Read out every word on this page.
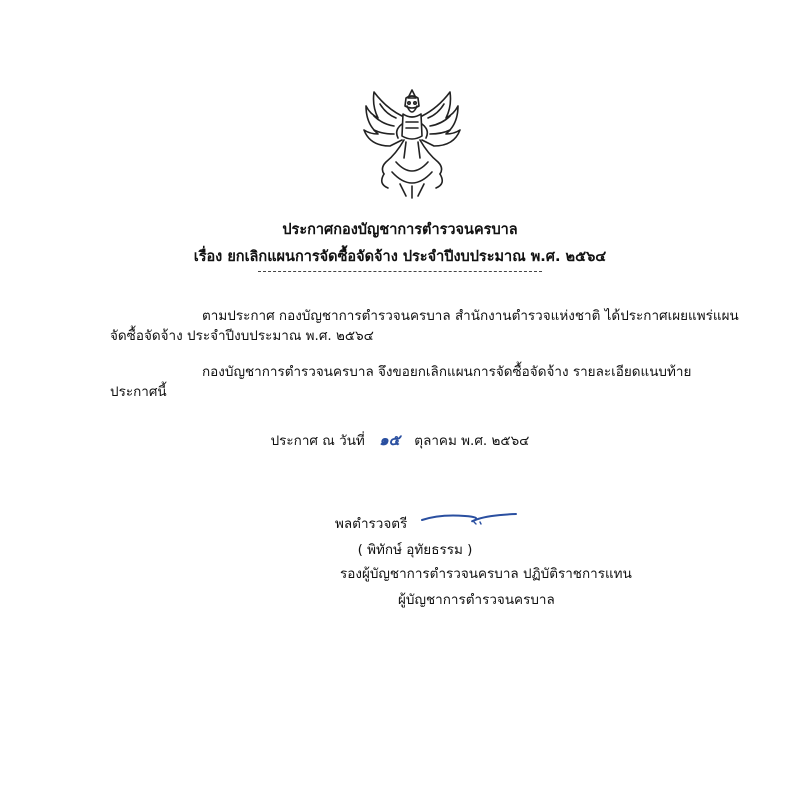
ประกาศกองบัญชาการตำรวจนครบาล
เรื่อง ยกเลิกแผนการจัดซื้อจัดจ้าง ประจำปีงบประมาณ พ.ศ. ๒๕๖๔
ตามประกาศ กองบัญชาการตำรวจนครบาล สำนักงานตำรวจแห่งชาติ ได้ประกาศเผยแพร่แผน
จัดซื้อจัดจ้าง ประจำปีงบประมาณ พ.ศ. ๒๕๖๔
กองบัญชาการตำรวจนครบาล จึงขอยกเลิกแผนการจัดซื้อจัดจ้าง รายละเอียดแนบท้าย
ประกาศนี้
ประกาศ ณ วันที่ ๑๕ ตุลาคม พ.ศ. ๒๕๖๔
พลตำรวจตรี
( พิทักษ์ อุทัยธรรม )
รองผู้บัญชาการตำรวจนครบาล ปฏิบัติราชการแทน
ผู้บัญชาการตำรวจนครบาล
